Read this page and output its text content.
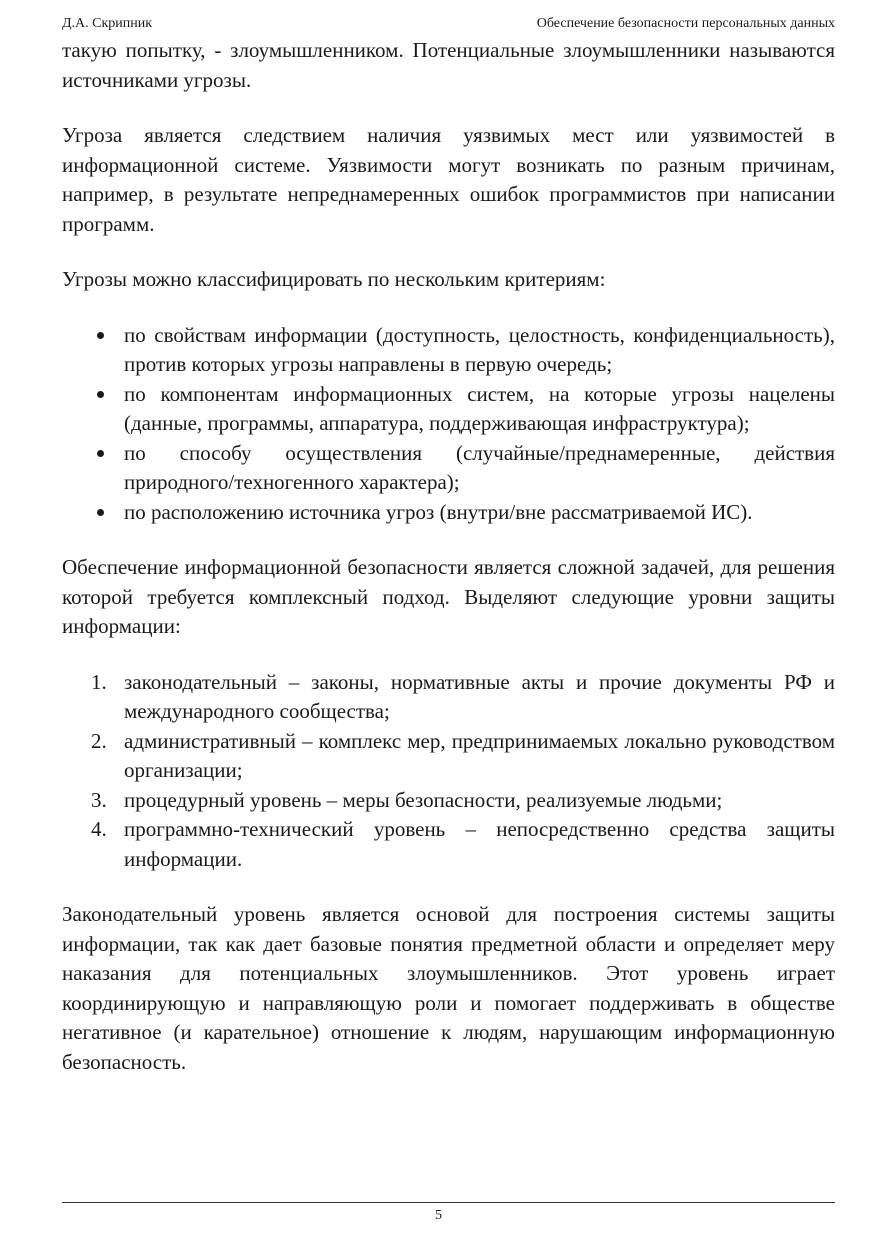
Д.А. Скрипник	Обеспечение безопасности персональных данных

такую попытку, - злоумышленником. Потенциальные злоумышленники называются источниками угрозы.

Угроза является следствием наличия уязвимых мест или уязвимостей в информационной системе. Уязвимости могут возникать по разным причинам, например, в результате непреднамеренных ошибок программистов при написании программ.

Угрозы можно классифицировать по нескольким критериям:

по свойствам информации (доступность, целостность, конфиденциальность), против которых угрозы направлены в первую очередь;
по компонентам информационных систем, на которые угрозы нацелены (данные, программы, аппаратура, поддерживающая инфраструктура);
по способу осуществления (случайные/преднамеренные, действия природного/техногенного характера);
по расположению источника угроз (внутри/вне рассматриваемой ИС).

Обеспечение информационной безопасности является сложной задачей, для решения которой требуется комплексный подход. Выделяют следующие уровни защиты информации:

1. законодательный – законы, нормативные акты и прочие документы РФ и международного сообщества;
2. административный – комплекс мер, предпринимаемых локально руководством организации;
3. процедурный уровень – меры безопасности, реализуемые людьми;
4. программно-технический уровень – непосредственно средства защиты информации.

Законодательный уровень является основой для построения системы защиты информации, так как дает базовые понятия предметной области и определяет меру наказания для потенциальных злоумышленников. Этот уровень играет координирующую и направляющую роли и помогает поддерживать в обществе негативное (и карательное) отношение к людям, нарушающим информационную безопасность.

5
